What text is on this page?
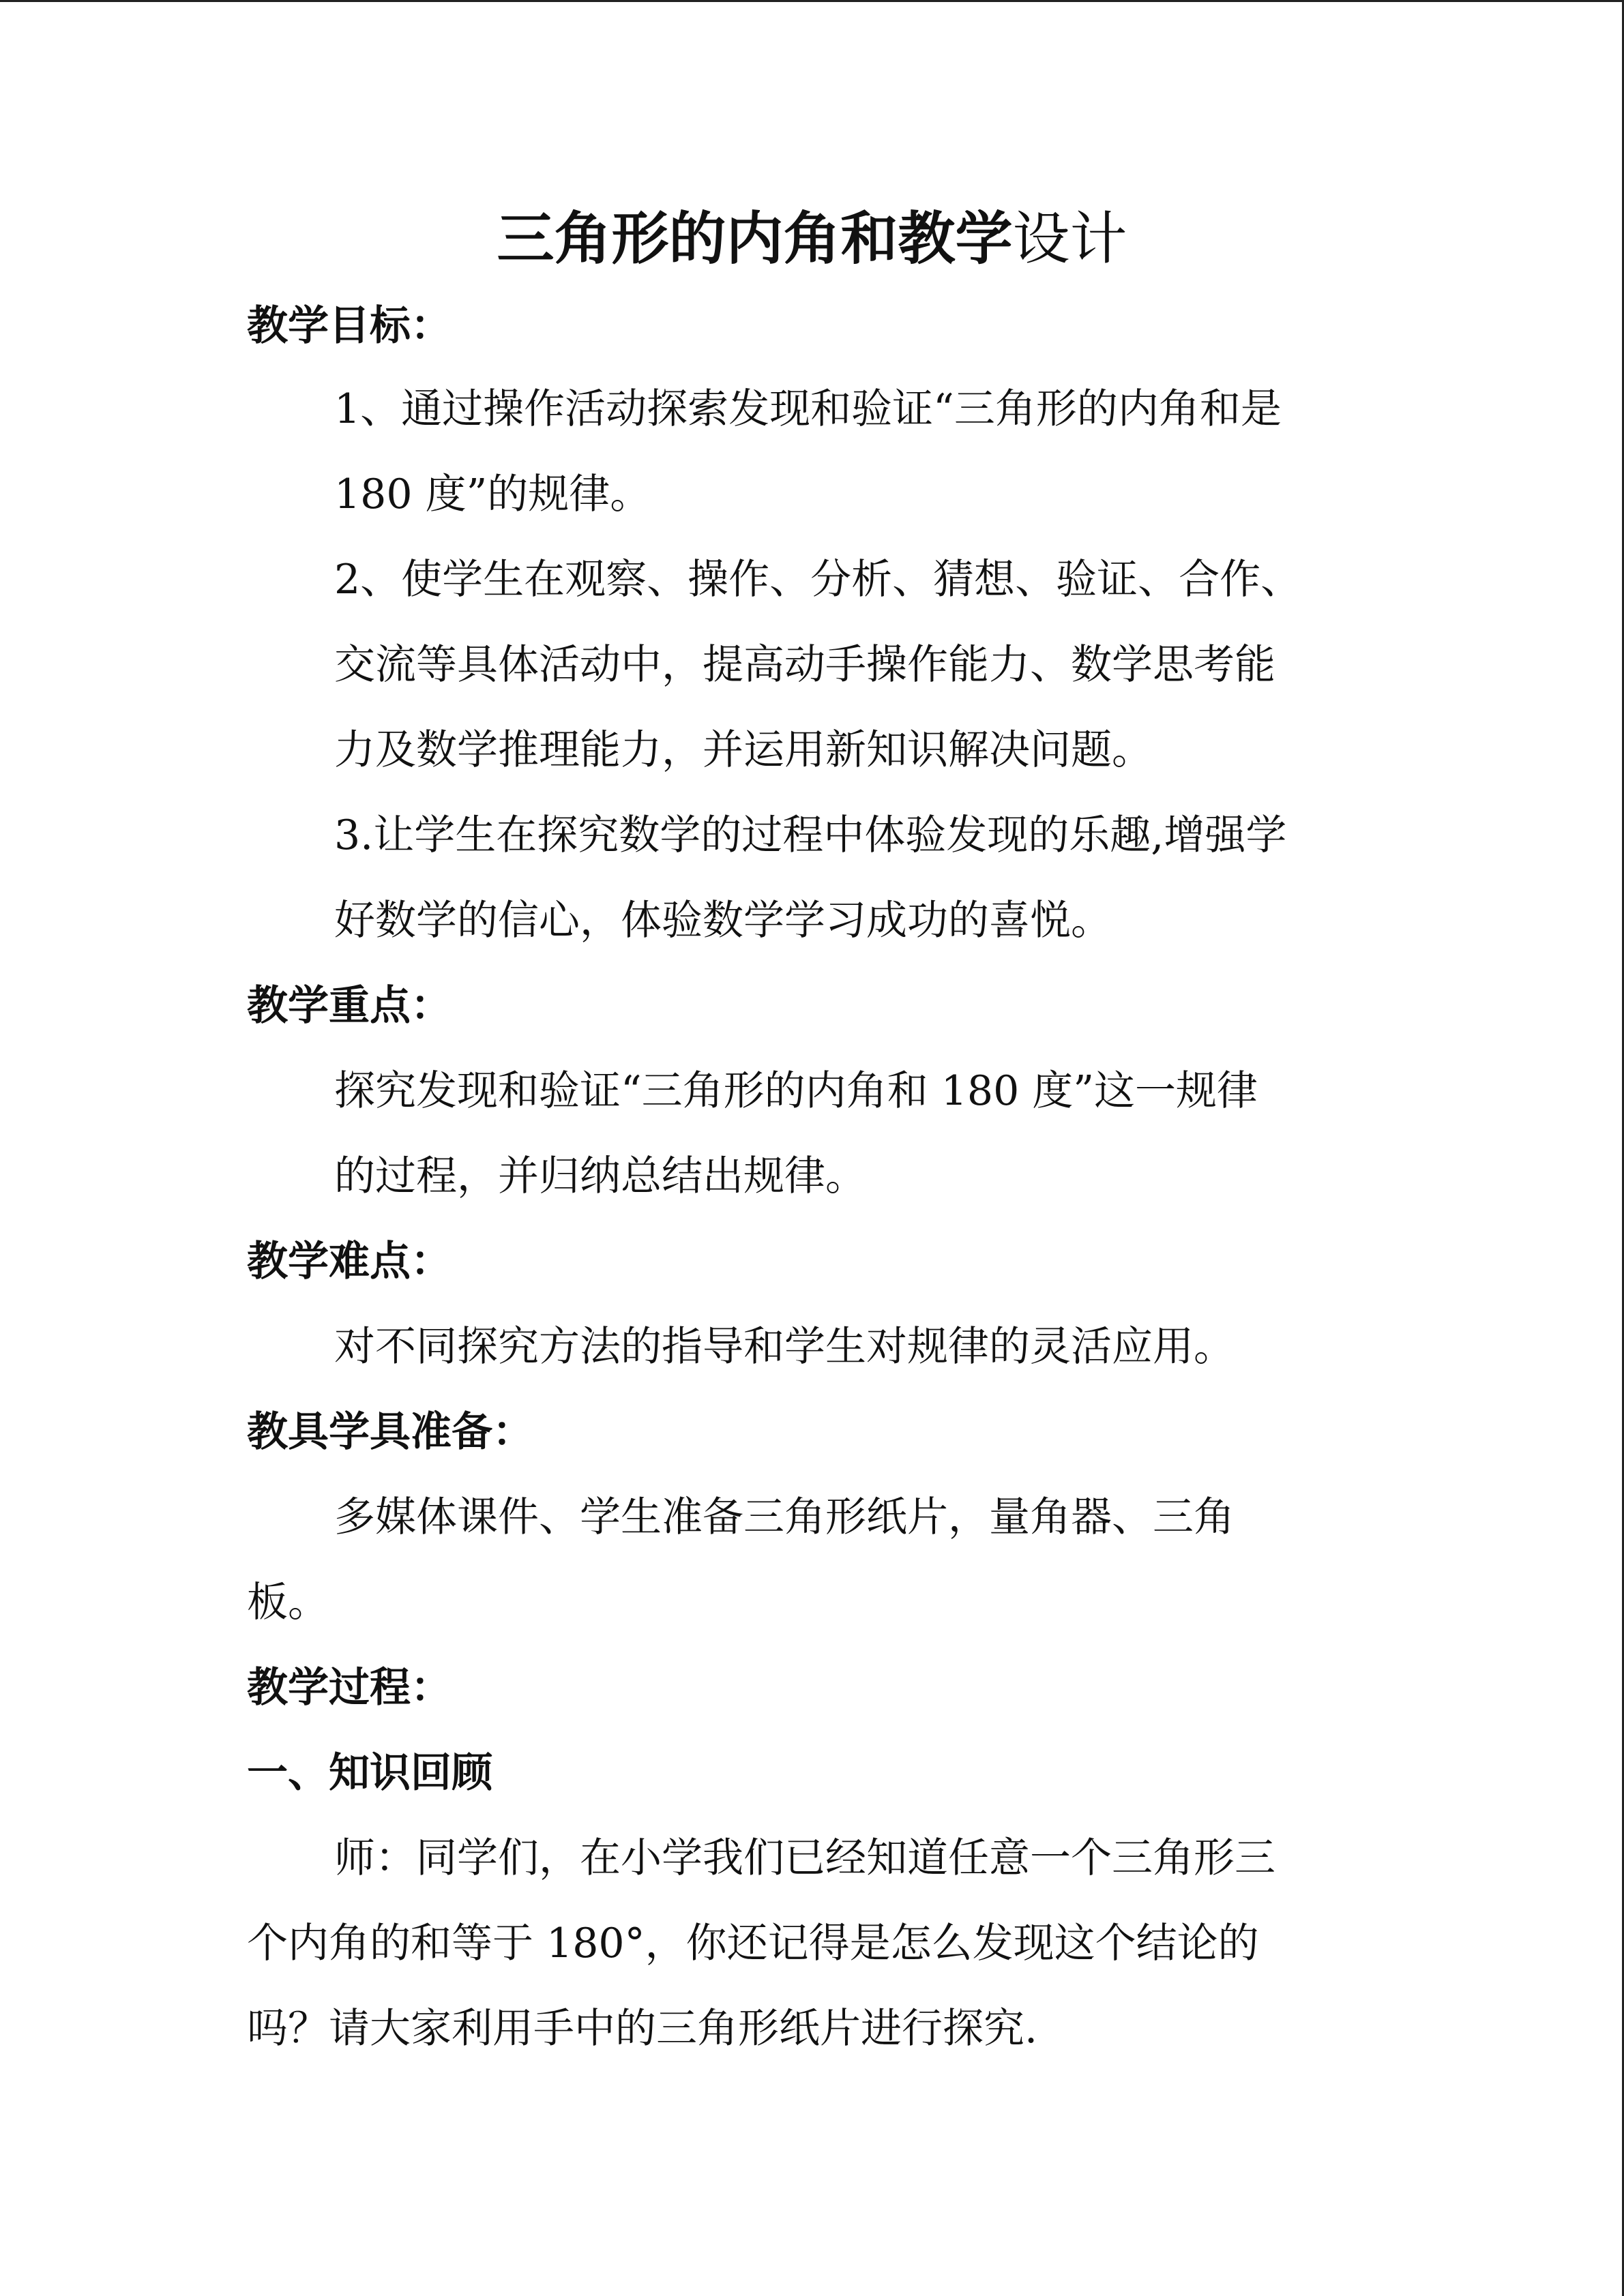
三角形的内角和教学设计
教学目标：
1、通过操作活动探索发现和验证“三角形的内角和是
180 度”的规律。
2、使学生在观察、操作、分析、猜想、验证、合作、
交流等具体活动中，提高动手操作能力、数学思考能
力及数学推理能力，并运用新知识解决问题。
3.让学生在探究数学的过程中体验发现的乐趣,增强学
好数学的信心，体验数学学习成功的喜悦。
教学重点：
探究发现和验证“三角形的内角和 180 度”这一规律
的过程，并归纳总结出规律。
教学难点：
对不同探究方法的指导和学生对规律的灵活应用。
教具学具准备：
多媒体课件、学生准备三角形纸片，量角器、三角
板。
教学过程：
一、知识回顾
师：同学们，在小学我们已经知道任意一个三角形三
个内角的和等于 180°，你还记得是怎么发现这个结论的
吗？请大家利用手中的三角形纸片进行探究.
